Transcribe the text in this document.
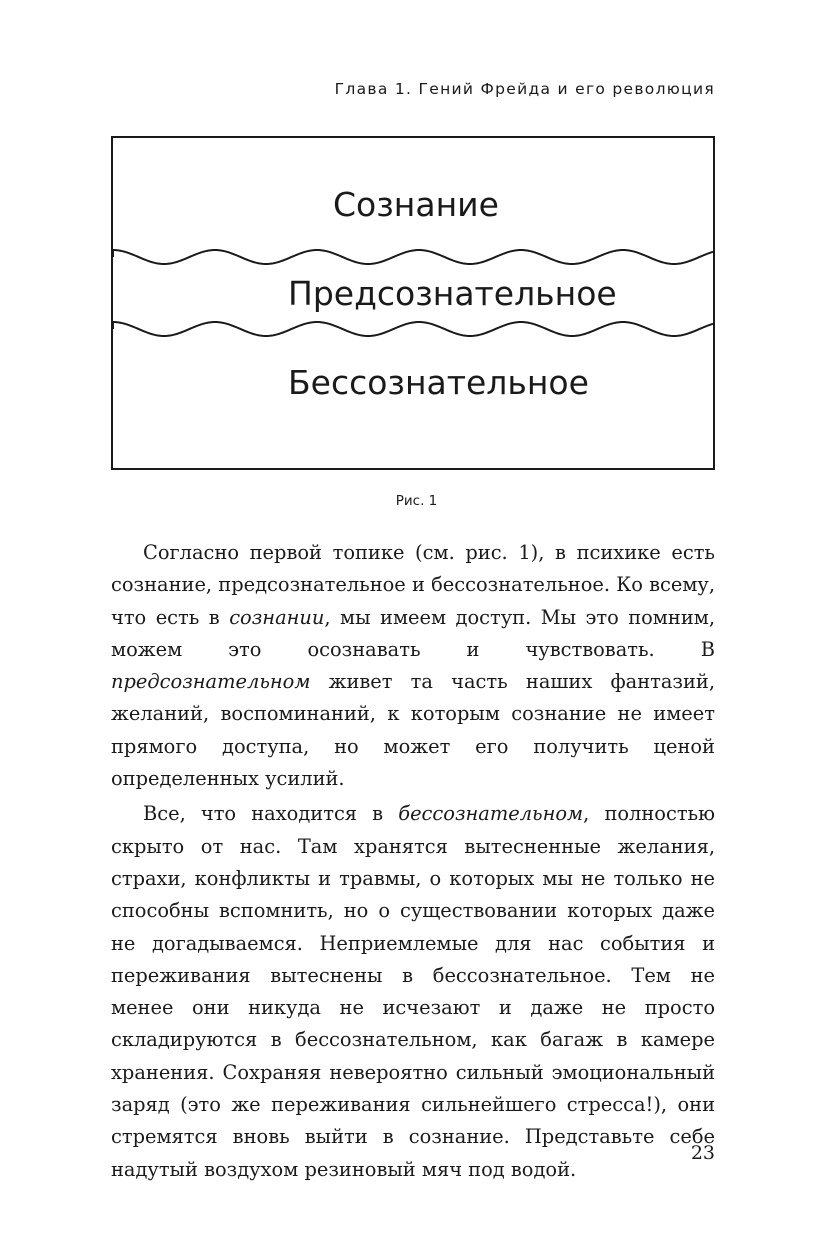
Глава 1. Гений Фрейда и его революция
Сознание
Предсознательное
Бессознательное
Рис. 1

Согласно первой топике (см. рис. 1), в психике есть сознание, предсознательное и бессознательное. Ко всему, что есть в сознании, мы имеем доступ. Мы это помним, можем это осознавать и чувствовать. В предсознательном живет та часть наших фантазий, желаний, воспоминаний, к которым сознание не имеет прямого доступа, но может его получить ценой определенных усилий.

Все, что находится в бессознательном, полностью скрыто от нас. Там хранятся вытесненные желания, страхи, конфликты и травмы, о которых мы не только не способны вспомнить, но о существовании которых даже не догадываемся. Неприемлемые для нас события и переживания вытеснены в бессознательное. Тем не менее они никуда не исчезают и даже не просто складируются в бессознательном, как багаж в камере хранения. Сохраняя невероятно сильный эмоциональный заряд (это же переживания сильнейшего стресса!), они стремятся вновь выйти в сознание. Представьте себе надутый воздухом резиновый мяч под водой.

23
